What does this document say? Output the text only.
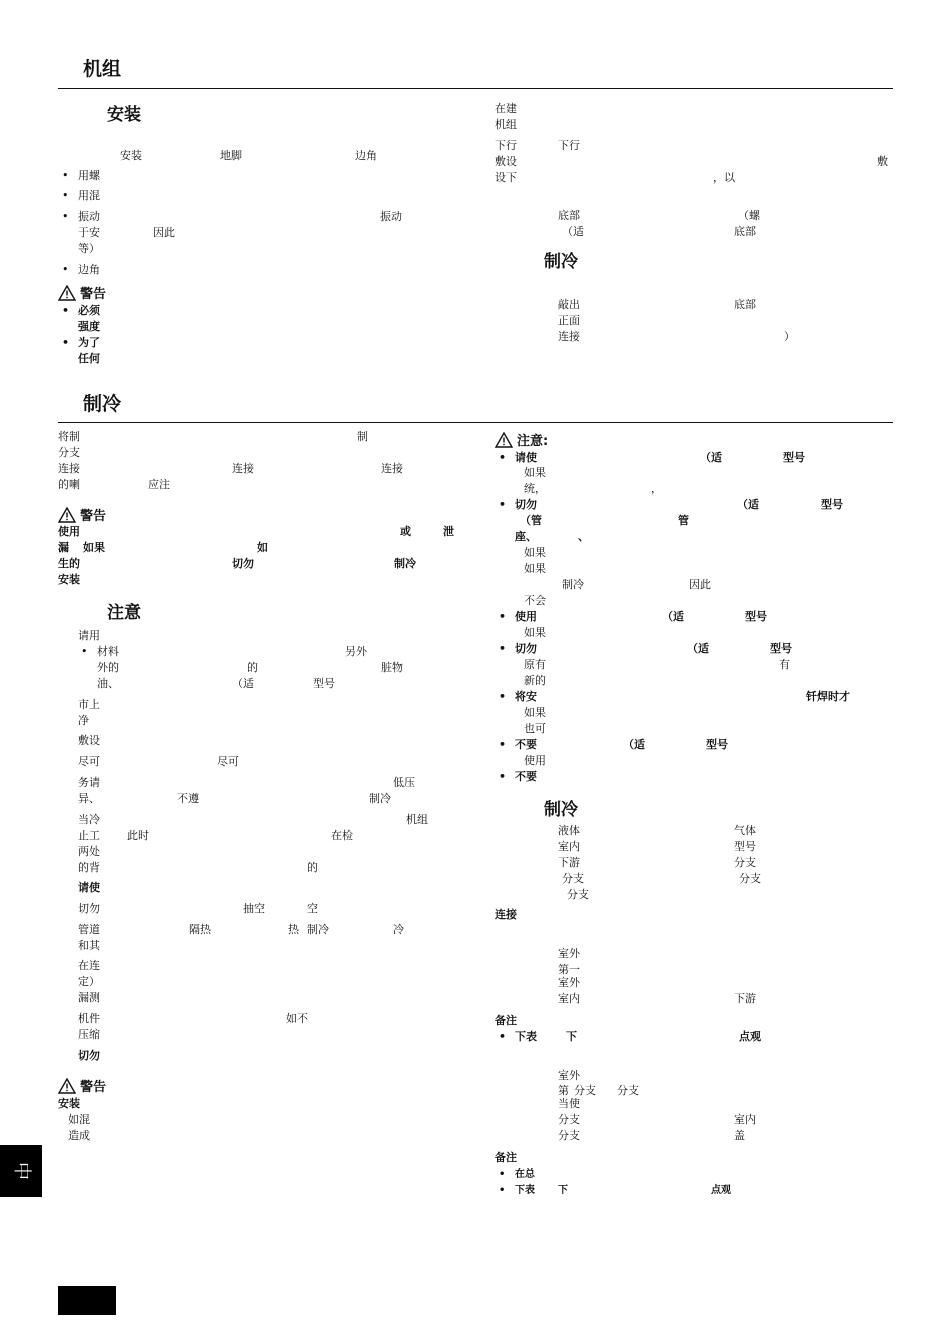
机组
安装
安装	地脚	边角
• 用螺
• 用混
• 振动	振动
于安	因此
等）
• 边角
警告
• 必须
强度
• 为了
任何
在建
机组
下行	下行
敷设	敷
设下	，以
底部	（螺
（适	底部
制冷
敲出	底部
正面
连接	）
制冷
将制	制
分支
连接	连接	连接
的喇	应注
警告
使用	或	泄
漏 如果	如
生的	切勿	制冷
安装
注意
请用
• 材料	另外
外的	的	脏物
油、	（适	型号
市上
净
敷设
尽可	尽可
务请	低压
异、	不遵	制冷
当冷	机组
止工 此时	在检
两处
的背	的
请使
切勿	抽空	空
管道	隔热	热 制冷	冷
和其
在连
定）
漏测
机件	如不
压缩
切勿
警告
安装
如混
造成
注意:
• 请使	（适	型号
如果
统，	，
• 切勿	（适	型号
（管	管
座、	、
如果
如果
制冷	因此
不会
• 使用	（适	型号
如果
• 切勿	（适	型号
原有	有
新的
• 将安	钎焊时才
如果
也可
• 不要	（适	型号
使用
• 不要
制冷
液体	气体
室内	型号
下游	分支
分支	分支
分支
连接
室外
第一
室外
室内	下游
备注
• 下表	下	点观
室外
第 分支 分支
当使
分支	室内
分支	盖
备注
• 在总
• 下表 下	点观
中
